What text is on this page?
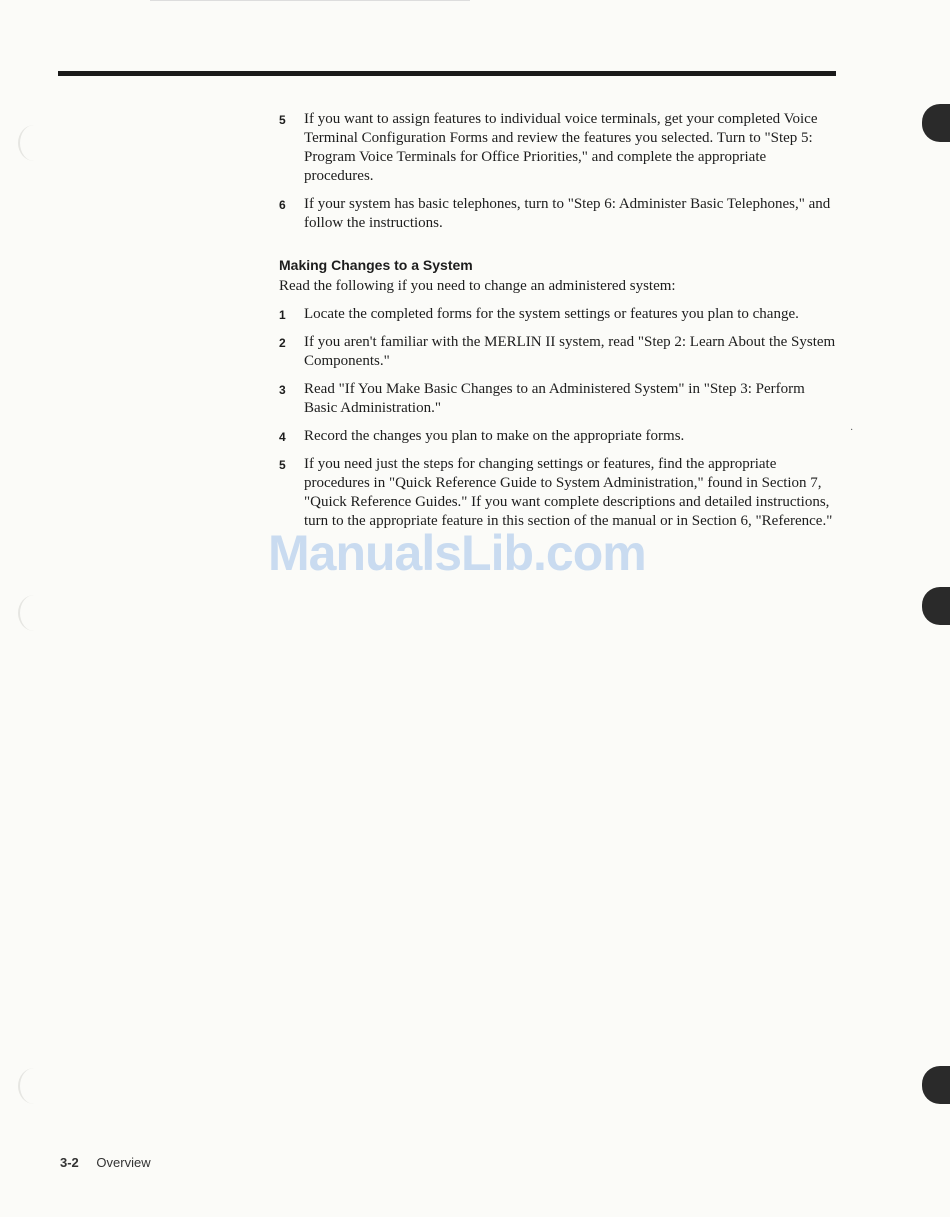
5 If you want to assign features to individual voice terminals, get your completed Voice Terminal Configuration Forms and review the features you selected. Turn to "Step 5: Program Voice Terminals for Office Priorities," and complete the appropriate procedures.
6 If your system has basic telephones, turn to "Step 6: Administer Basic Telephones," and follow the instructions.
Making Changes to a System

Read the following if you need to change an administered system:

1 Locate the completed forms for the system settings or features you plan to change.
2 If you aren't familiar with the MERLIN II system, read "Step 2: Learn About the System Components."
3 Read "If You Make Basic Changes to an Administered System" in "Step 3: Perform Basic Administration."
4 Record the changes you plan to make on the appropriate forms.
5 If you need just the steps for changing settings or features, find the appropriate procedures in "Quick Reference Guide to System Administration," found in Section 7, "Quick Reference Guides." If you want complete descriptions and detailed instructions, turn to the appropriate feature in this section of the manual or in Section 6, "Reference."
·
ManualsLib.com
3-2 Overview
